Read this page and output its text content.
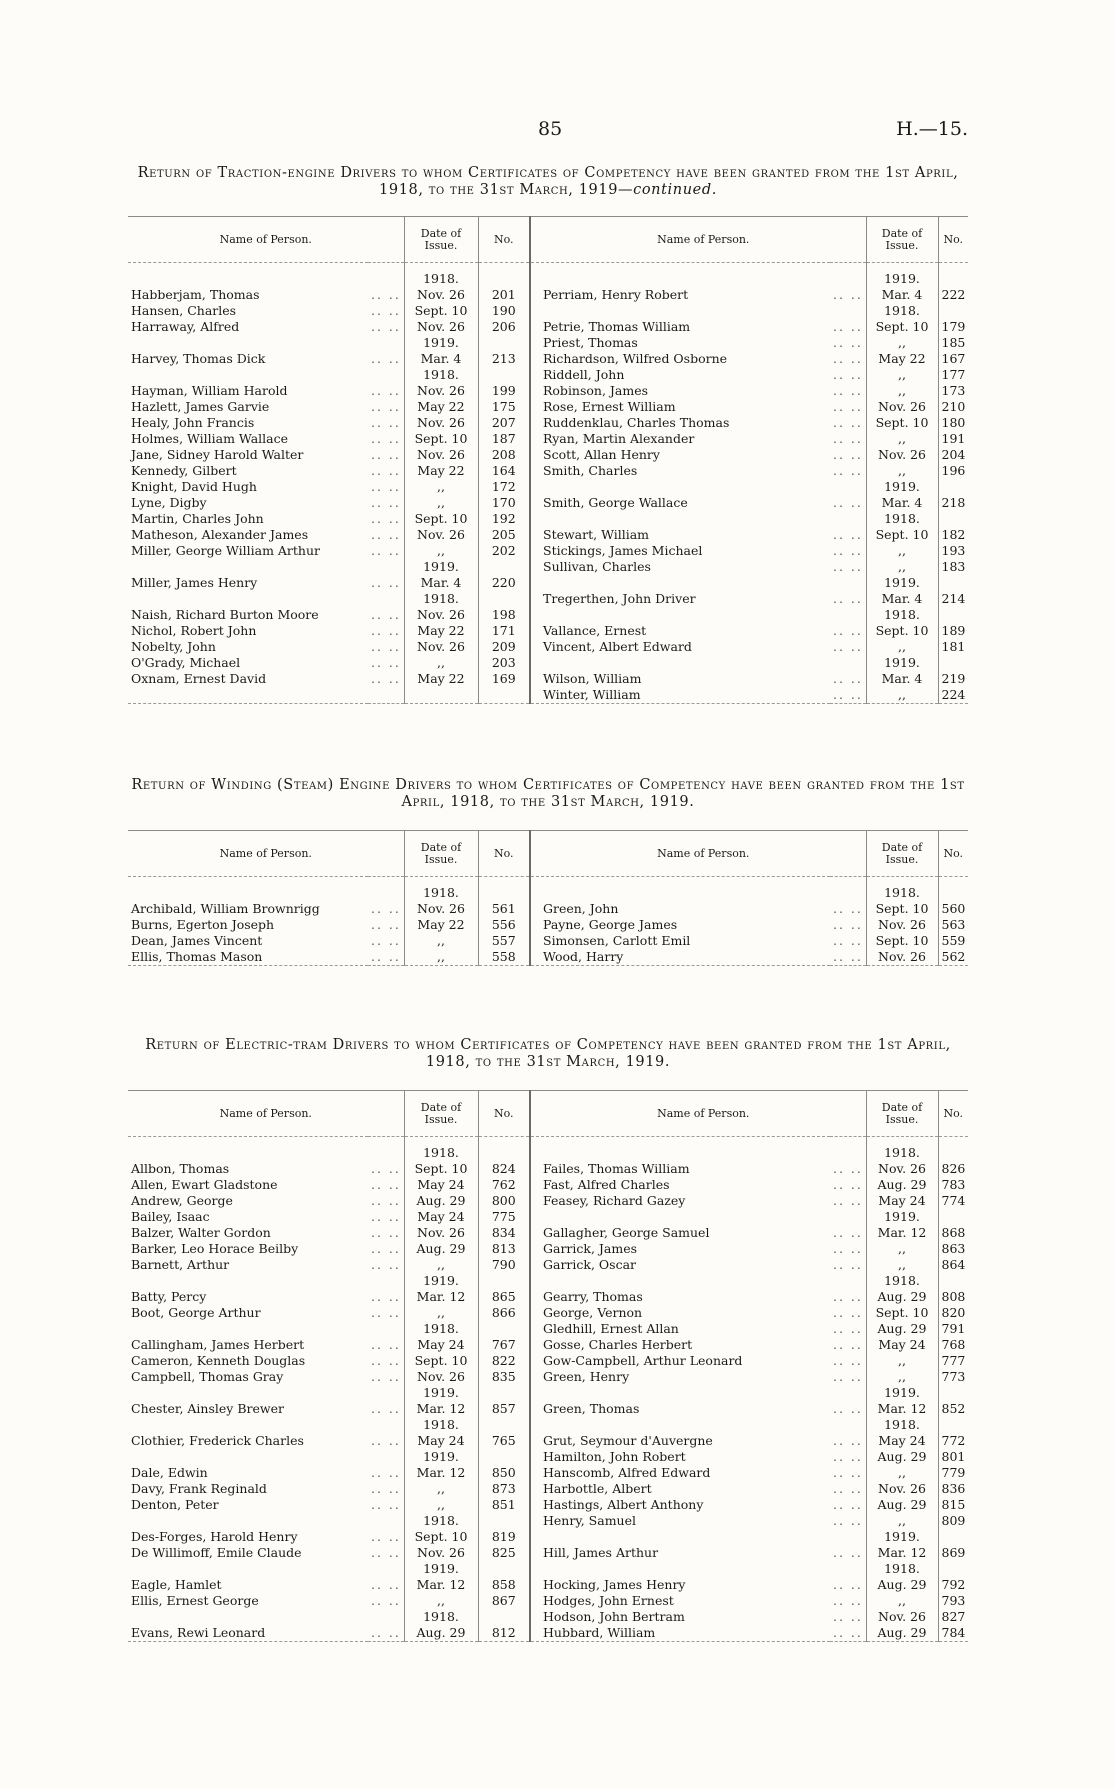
85	H.—15.
Return of Traction-engine Drivers to whom Certificates of Competency have been granted from the 1st April, 1918, to the 31st March, 1919—continued.
Name of Person.		Date of Issue.	No.	Name of Person.		Date of Issue.	No.

		1918.				1919.	
Habberjam, Thomas	.. ..	Nov. 26	201	Perriam, Henry Robert	.. ..	Mar. 4	222
Hansen, Charles	.. ..	Sept. 10	190			1918.	
Harraway, Alfred	.. ..	Nov. 26	206	Petrie, Thomas William	.. ..	Sept. 10	179
		1919.		Priest, Thomas	.. ..	,,	185
Harvey, Thomas Dick	.. ..	Mar. 4	213	Richardson, Wilfred Osborne	.. ..	May 22	167
		1918.		Riddell, John	.. ..	,,	177
Hayman, William Harold	.. ..	Nov. 26	199	Robinson, James	.. ..	,,	173
Hazlett, James Garvie	.. ..	May 22	175	Rose, Ernest William	.. ..	Nov. 26	210
Healy, John Francis	.. ..	Nov. 26	207	Ruddenklau, Charles Thomas	.. ..	Sept. 10	180
Holmes, William Wallace	.. ..	Sept. 10	187	Ryan, Martin Alexander	.. ..	,,	191
Jane, Sidney Harold Walter	.. ..	Nov. 26	208	Scott, Allan Henry	.. ..	Nov. 26	204
Kennedy, Gilbert	.. ..	May 22	164	Smith, Charles	.. ..	,,	196
Knight, David Hugh	.. ..	,,	172			1919.	
Lyne, Digby	.. ..	,,	170	Smith, George Wallace	.. ..	Mar. 4	218
Martin, Charles John	.. ..	Sept. 10	192			1918.	
Matheson, Alexander James	.. ..	Nov. 26	205	Stewart, William	.. ..	Sept. 10	182
Miller, George William Arthur	.. ..	,,	202	Stickings, James Michael	.. ..	,,	193
		1919.		Sullivan, Charles	.. ..	,,	183
Miller, James Henry	.. ..	Mar. 4	220			1919.	
		1918.		Tregerthen, John Driver	.. ..	Mar. 4	214
Naish, Richard Burton Moore	.. ..	Nov. 26	198			1918.	
Nichol, Robert John	.. ..	May 22	171	Vallance, Ernest	.. ..	Sept. 10	189
Nobelty, John	.. ..	Nov. 26	209	Vincent, Albert Edward	.. ..	,,	181
O'Grady, Michael	.. ..	,,	203			1919.	
Oxnam, Ernest David	.. ..	May 22	169	Wilson, William	.. ..	Mar. 4	219
				Winter, William	.. ..	,,	224
Return of Winding (Steam) Engine Drivers to whom Certificates of Competency have been granted from the 1st April, 1918, to the 31st March, 1919.
Name of Person.		Date of Issue.	No.	Name of Person.		Date of Issue.	No.

		1918.				1918.	
Archibald, William Brownrigg	.. ..	Nov. 26	561	Green, John	.. ..	Sept. 10	560
Burns, Egerton Joseph	.. ..	May 22	556	Payne, George James	.. ..	Nov. 26	563
Dean, James Vincent	.. ..	,,	557	Simonsen, Carlott Emil	.. ..	Sept. 10	559
Ellis, Thomas Mason	.. ..	,,	558	Wood, Harry	.. ..	Nov. 26	562
Return of Electric-tram Drivers to whom Certificates of Competency have been granted from the 1st April, 1918, to the 31st March, 1919.
Name of Person.		Date of Issue.	No.	Name of Person.		Date of Issue.	No.

		1918.				1918.	
Allbon, Thomas	.. ..	Sept. 10	824	Failes, Thomas William	.. ..	Nov. 26	826
Allen, Ewart Gladstone	.. ..	May 24	762	Fast, Alfred Charles	.. ..	Aug. 29	783
Andrew, George	.. ..	Aug. 29	800	Feasey, Richard Gazey	.. ..	May 24	774
Bailey, Isaac	.. ..	May 24	775			1919.	
Balzer, Walter Gordon	.. ..	Nov. 26	834	Gallagher, George Samuel	.. ..	Mar. 12	868
Barker, Leo Horace Beilby	.. ..	Aug. 29	813	Garrick, James	.. ..	,,	863
Barnett, Arthur	.. ..	,,	790	Garrick, Oscar	.. ..	,,	864
		1919.				1918.	
Batty, Percy	.. ..	Mar. 12	865	Gearry, Thomas	.. ..	Aug. 29	808
Boot, George Arthur	.. ..	,,	866	George, Vernon	.. ..	Sept. 10	820
		1918.		Gledhill, Ernest Allan	.. ..	Aug. 29	791
Callingham, James Herbert	.. ..	May 24	767	Gosse, Charles Herbert	.. ..	May 24	768
Cameron, Kenneth Douglas	.. ..	Sept. 10	822	Gow-Campbell, Arthur Leonard	.. ..	,,	777
Campbell, Thomas Gray	.. ..	Nov. 26	835	Green, Henry	.. ..	,,	773
		1919.				1919.	
Chester, Ainsley Brewer	.. ..	Mar. 12	857	Green, Thomas	.. ..	Mar. 12	852
		1918.				1918.	
Clothier, Frederick Charles	.. ..	May 24	765	Grut, Seymour d'Auvergne	.. ..	May 24	772
		1919.		Hamilton, John Robert	.. ..	Aug. 29	801
Dale, Edwin	.. ..	Mar. 12	850	Hanscomb, Alfred Edward	.. ..	,,	779
Davy, Frank Reginald	.. ..	,,	873	Harbottle, Albert	.. ..	Nov. 26	836
Denton, Peter	.. ..	,,	851	Hastings, Albert Anthony	.. ..	Aug. 29	815
		1918.		Henry, Samuel	.. ..	,,	809
Des-Forges, Harold Henry	.. ..	Sept. 10	819			1919.	
De Willimoff, Emile Claude	.. ..	Nov. 26	825	Hill, James Arthur	.. ..	Mar. 12	869
		1919.				1918.	
Eagle, Hamlet	.. ..	Mar. 12	858	Hocking, James Henry	.. ..	Aug. 29	792
Ellis, Ernest George	.. ..	,,	867	Hodges, John Ernest	.. ..	,,	793
		1918.		Hodson, John Bertram	.. ..	Nov. 26	827
Evans, Rewi Leonard	.. ..	Aug. 29	812	Hubbard, William	.. ..	Aug. 29	784
